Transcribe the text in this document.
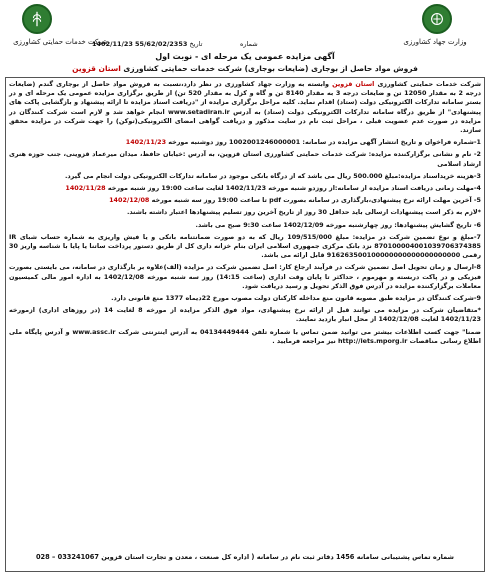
شرکت خدمات حمایتی کشاورزی	وزارت جهاد کشاورزی
شماره
1402/11/23	تاریخ 55/62/02/2353
آگهی مزایده عمومی یک مرحله ای - نوبت اول
فروش مواد حاصل از بوجاری (ضایعات بوجاری) شرکت خدمات حمایتی کشاورزی استان قزوین

شرکت خدمات حمایتی کشاورزی استان قزوین وابسته به وزارت جهاد کشاورزی در نظر دارد،نسبت به فروش مواد حاصل از بوجاری گندم (ضایعات درجه 2 به مقدار 12050 تن و ضایعات درجه 3 به مقدار 8140 تن و گاه و کزل به مقدار 520 تن) از طریق برگزاری مزایده عمومی یک مرحله ای و در بستر سامانه تدارکات الکترونیکی دولت (ستاد) اقدام نماید. کلیه مراحل برگزاری مزایده از "دریافت اسناد مزایده تا ارائه پیشنهاد و بازگشایی پاکت های پیشنهادی" از طریق درگاه سامانه تدارکات الکترونیکی دولت (ستاد) به آدرس www.setadiran.ir انجام خواهد شد و لازم است شرکت کنندگان در مزایده در صورت عدم عضویت قبلی ، مراحل ثبت نام در سایت مذکور و دریافت گواهی امضای الکترونیکی(توکن) را جهت شرکت در مزایده محقق سازند.

1-شماره فراخوان و تاریخ انتشار آگهی مزایده در سامانه: 1002001246000001 روز دوشنبه مورخه 1402/11/23

2- نام و نشانی برگزارکننده مزایده: شرکت خدمات حمایتی کشاورزی استان قزوین، به آدرس :خیابان حافظ، میدان میرعماد قزوینی، جنب حوزه هنری ارشاد اسلامی

3-هزینه خریداسناد مزایده:مبلغ 500.000 ریال می باشد که از درگاه بانکی موجود در سامانه تدارکات الکترونیکی دولت انجام می گیرد.

4-مهلت زمانی دریافت اسناد مزایده از سامانه:از روزدو شنبه مورخه 1402/11/23 لغایت ساعت 19:00 روز شنبه مورخه 1402/11/28

5- آخرین مهلت ارائه نرخ پیشنهادی،بارگذاری در سامانه بصورت pdf تا ساعت 19:00 روز سه شنبه مورخه 1402/12/08

*لازم به ذکر است پیشنهادات ارسالی باید حداقل 30 روز از تاریخ آخرین روز تسلیم پیشنهادها اعتبار داشته باشند.

6- تاریخ گشایش پیشنهادها: روز چهارشنبه مورخه 1402/12/09 ساعت 9:30 صبح می باشد.

7-مبلغ و نوع تضمین شرکت در مزایده: مبلغ 109/515/000 ریال که به دو صورت ضمانتنامه بانکی و یا فیش واریزی به شماره حساب شبای IR 870100004001039706374385 نزد بانک مرکزی جمهوری اسلامی ایران بنام خزانه داری کل از طریق دستور پرداخت ساتنا یا پایا با شناسه واریز 30 رقمی 916263500100000000000000000000 قابل ارائه می باشد.

8-ارسال و زمان تحویل اصل تضمین شرکت در فرآیند ارجاع کار: اصل تضمین شرکت در مزایده (الف)علاوه بر بارگذاری در سامانه، می بایستی بصورت فیزیکی و در پاکت دربسته و مهرموم ، حداکثر تا پایان وقت اداری (ساعت 14:15) روز سه شنبه مورخه 1402/12/08 به اداره امور مالی کمیسیون معاملات برگزارکننده مزایده در آدرس فوق الذکر تحویل و رسید دریافت شود.

9-شرکت کنندگان در مزایده طبق مصوبه قانون منع مداخله کارکنان دولت مصوب مورخ 22دیماه 1377 منع قانونی دارد.

*متقاضیان شرکت در مزایده می توانند قبل از ارائه نرخ پیشنهادی، مواد فوق الذکر مزایده از مورخه 8 لغایت 14 (در روزهای اداری) ازمورخه 1402/11/23 لغایت 1402/12/08 از محل انبار بازدید نمایند.

ضمنا" جهت کسب اطلاعات بیشتر می توانید ضمن تماس با شماره تلفن 04134449444 به آدرس اینترنتی شرکت www.assc.ir و آدرس پایگاه ملی اطلاع رسانی مناقصات http://iets.mporg.ir نیز مراجعه فرمایید .

شماره تماس پشتیبانی سامانه 1456 دفاتر ثبت نام در سامانه ( اداره کل صنعت ، معدن و تجارت استان قزوین 033241067 – 028
